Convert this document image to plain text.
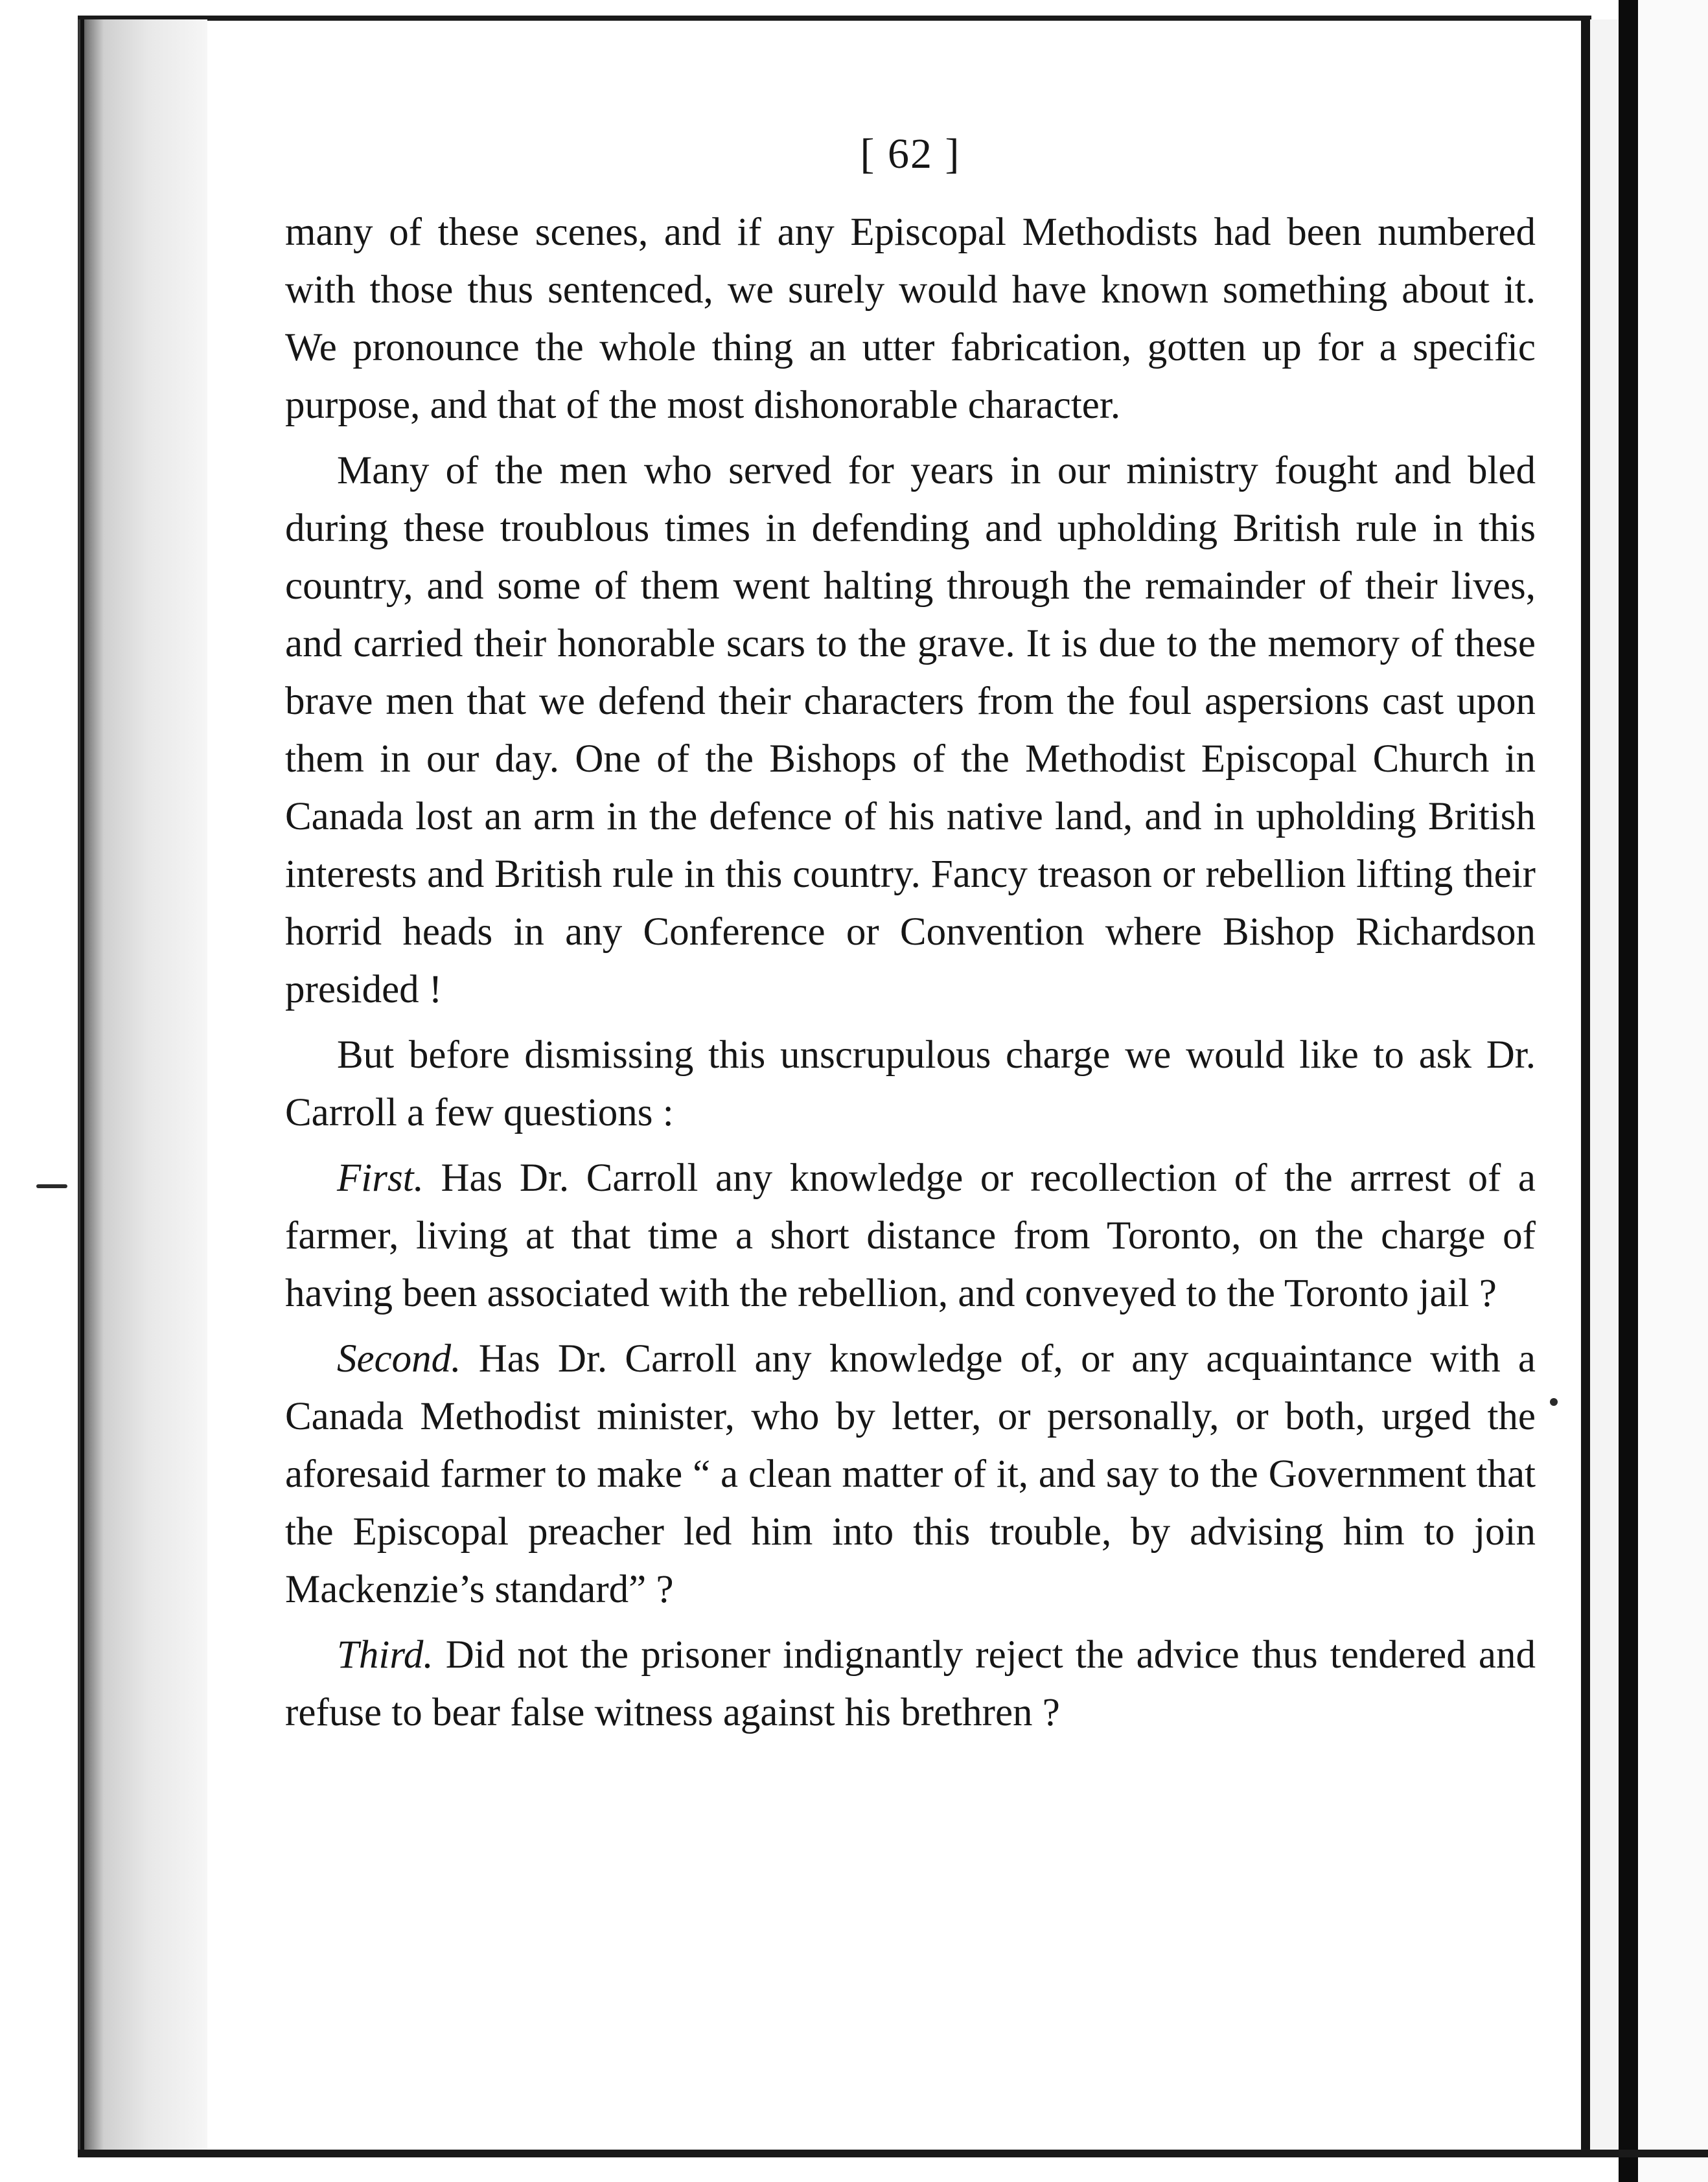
[ 62 ]

many of these scenes, and if any Episcopal Methodists had been numbered with those thus sentenced, we surely would have known something about it. We pronounce the whole thing an utter fabrication, gotten up for a specific purpose, and that of the most dishonorable character.

Many of the men who served for years in our ministry fought and bled during these troublous times in defending and upholding British rule in this country, and some of them went halting through the remainder of their lives, and carried their honorable scars to the grave. It is due to the memory of these brave men that we defend their characters from the foul aspersions cast upon them in our day. One of the Bishops of the Methodist Episcopal Church in Canada lost an arm in the defence of his native land, and in upholding British interests and British rule in this country. Fancy treason or rebellion lifting their horrid heads in any Conference or Convention where Bishop Richardson presided !

But before dismissing this unscrupulous charge we would like to ask Dr. Carroll a few questions :

First. Has Dr. Carroll any knowledge or recollection of the arrrest of a farmer, living at that time a short distance from Toronto, on the charge of having been associated with the rebellion, and conveyed to the Toronto jail ?

Second. Has Dr. Carroll any knowledge of, or any acquaintance with a Canada Methodist minister, who by letter, or personally, or both, urged the aforesaid farmer to make “ a clean matter of it, and say to the Government that the Episcopal preacher led him into this trouble, by advising him to join Mackenzie’s standard” ?

Third. Did not the prisoner indignantly reject the advice thus tendered and refuse to bear false witness against his brethren ?
